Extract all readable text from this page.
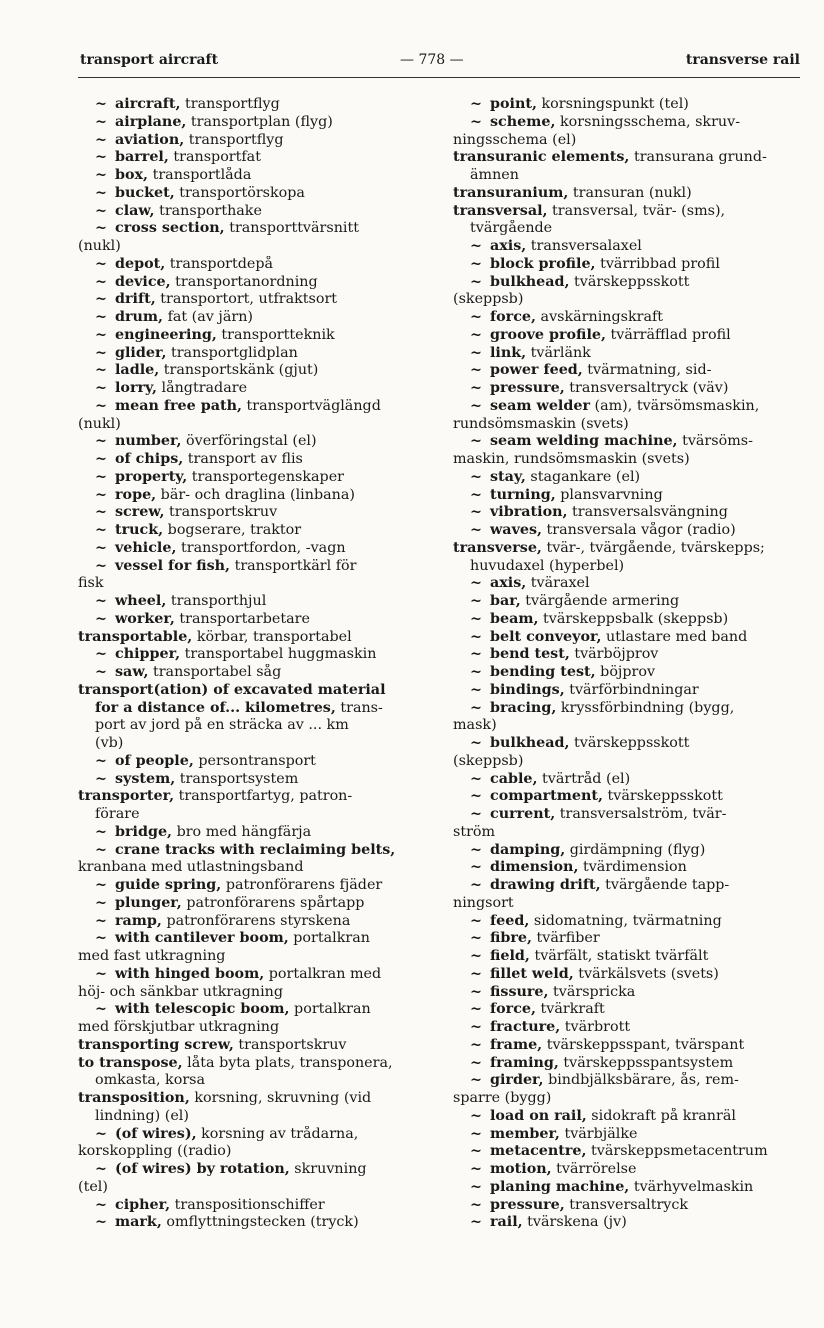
transport aircraft	— 778 —	transverse rail
~ aircraft, transportflyg
~ airplane, transportplan (flyg)
~ aviation, transportflyg
~ barrel, transportfat
~ box, transportlåda
~ bucket, transportörskopa
~ claw, transporthake
~ cross section, transporttvärsnitt
(nukl)
~ depot, transportdepå
~ device, transportanordning
~ drift, transportort, utfraktsort
~ drum, fat (av järn)
~ engineering, transportteknik
~ glider, transportglidplan
~ ladle, transportskänk (gjut)
~ lorry, långtradare
~ mean free path, transportväglängd
(nukl)
~ number, överföringstal (el)
~ of chips, transport av flis
~ property, transportegenskaper
~ rope, bär- och draglina (linbana)
~ screw, transportskruv
~ truck, bogserare, traktor
~ vehicle, transportfordon, -vagn
~ vessel for fish, transportkärl för
fisk
~ wheel, transporthjul
~ worker, transportarbetare
transportable, körbar, transportabel
~ chipper, transportabel huggmaskin
~ saw, transportabel såg
transport(ation) of excavated material
for a distance of... kilometres, trans-
port av jord på en sträcka av ... km
(vb)
~ of people, persontransport
~ system, transportsystem
transporter, transportfartyg, patron-
förare
~ bridge, bro med hängfärja
~ crane tracks with reclaiming belts,
kranbana med utlastningsband
~ guide spring, patronförarens fjäder
~ plunger, patronförarens spårtapp
~ ramp, patronförarens styrskena
~ with cantilever boom, portalkran
med fast utkragning
~ with hinged boom, portalkran med
höj- och sänkbar utkragning
~ with telescopic boom, portalkran
med förskjutbar utkragning
transporting screw, transportskruv
to transpose, låta byta plats, transponera,
omkasta, korsa
transposition, korsning, skruvning (vid
lindning) (el)
~ (of wires), korsning av trådarna,
korskoppling ((radio)
~ (of wires) by rotation, skruvning
(tel)
~ cipher, transpositionschiffer
~ mark, omflyttningstecken (tryck)
~ point, korsningspunkt (tel)
~ scheme, korsningsschema, skruv-
ningsschema (el)
transuranic elements, transurana grund-
ämnen
transuranium, transuran (nukl)
transversal, transversal, tvär- (sms),
tvärgående
~ axis, transversalaxel
~ block profile, tvärribbad profil
~ bulkhead, tvärskeppsskott
(skeppsb)
~ force, avskärningskraft
~ groove profile, tvärräfflad profil
~ link, tvärlänk
~ power feed, tvärmatning, sid-
~ pressure, transversaltryck (väv)
~ seam welder (am), tvärsömsmaskin,
rundsömsmaskin (svets)
~ seam welding machine, tvärsöms-
maskin, rundsömsmaskin (svets)
~ stay, stagankare (el)
~ turning, plansvarvning
~ vibration, transversalsvängning
~ waves, transversala vågor (radio)
transverse, tvär-, tvärgående, tvärskepps;
huvudaxel (hyperbel)
~ axis, tväraxel
~ bar, tvärgående armering
~ beam, tvärskeppsbalk (skeppsb)
~ belt conveyor, utlastare med band
~ bend test, tvärböjprov
~ bending test, böjprov
~ bindings, tvärförbindningar
~ bracing, kryssförbindning (bygg,
mask)
~ bulkhead, tvärskeppsskott
(skeppsb)
~ cable, tvärtråd (el)
~ compartment, tvärskeppsskott
~ current, transversalström, tvär-
ström
~ damping, girdämpning (flyg)
~ dimension, tvärdimension
~ drawing drift, tvärgående tapp-
ningsort
~ feed, sidomatning, tvärmatning
~ fibre, tvärfiber
~ field, tvärfält, statiskt tvärfält
~ fillet weld, tvärkälsvets (svets)
~ fissure, tvärspricka
~ force, tvärkraft
~ fracture, tvärbrott
~ frame, tvärskeppsspant, tvärspant
~ framing, tvärskeppsspantsystem
~ girder, bindbjälksbärare, ås, rem-
sparre (bygg)
~ load on rail, sidokraft på kranräl
~ member, tvärbjälke
~ metacentre, tvärskeppsmetacentrum
~ motion, tvärrörelse
~ planing machine, tvärhyvelmaskin
~ pressure, transversaltryck
~ rail, tvärskena (jv)
